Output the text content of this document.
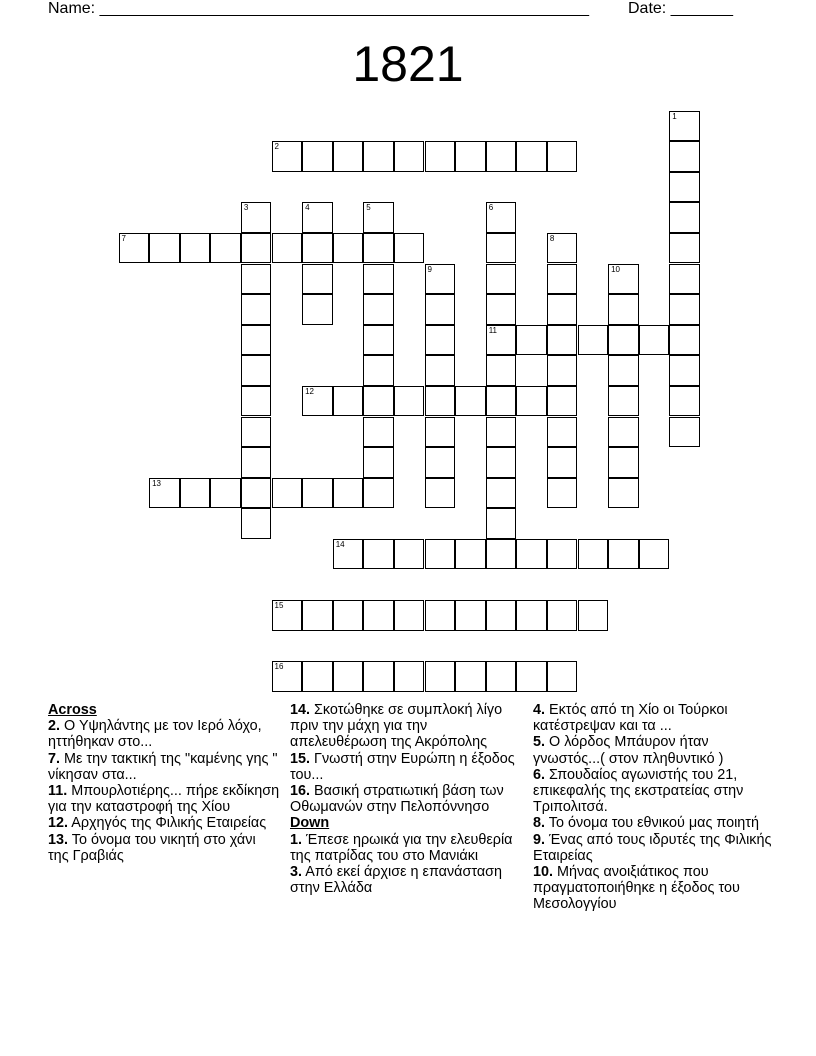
Name: _______________________________________________________ Date: _______
1821
1
2
3	4	5	6
11
7	8
9	10
12
13
14
15
16
Across
2. Ο Υψηλάντης με τον Ιερό λόχο, ηττήθηκαν στο...
7. Με την τακτική της "καμένης γης " νίκησαν στα...
11. Μπουρλοτιέρης... πήρε εκδίκηση για την καταστροφή της Χίου
12. Αρχηγός της Φιλικής Εταιρείας
13. Το όνομα του νικητή στο χάνι της Γραβιάς
14. Σκοτώθηκε σε συμπλοκή λίγο πριν την μάχη για την απελευθέρωση της Ακρόπολης
15. Γνωστή στην Ευρώπη η έξοδος του...
16. Βασική στρατιωτική βάση των Οθωμανών στην Πελοπόννησο
Down
1. Έπεσε ηρωικά για την ελευθερία της πατρίδας του στο Μανιάκι
3. Από εκεί άρχισε η επανάσταση στην Ελλάδα
4. Εκτός από τη Χίο οι Τούρκοι κατέστρεψαν και τα ...
5. Ο λόρδος Μπάυρον ήταν γνωστός...( στον πληθυντικό )
6. Σπουδαίος αγωνιστής του 21, επικεφαλής της εκστρατείας στην Τριπολιτσά.
8. Το όνομα του εθνικού μας ποιητή
9. Ένας από τους ιδρυτές της Φιλικής Εταιρείας
10. Μήνας ανοιξιάτικος που πραγματοποιήθηκε η έξοδος του Μεσολογγίου
